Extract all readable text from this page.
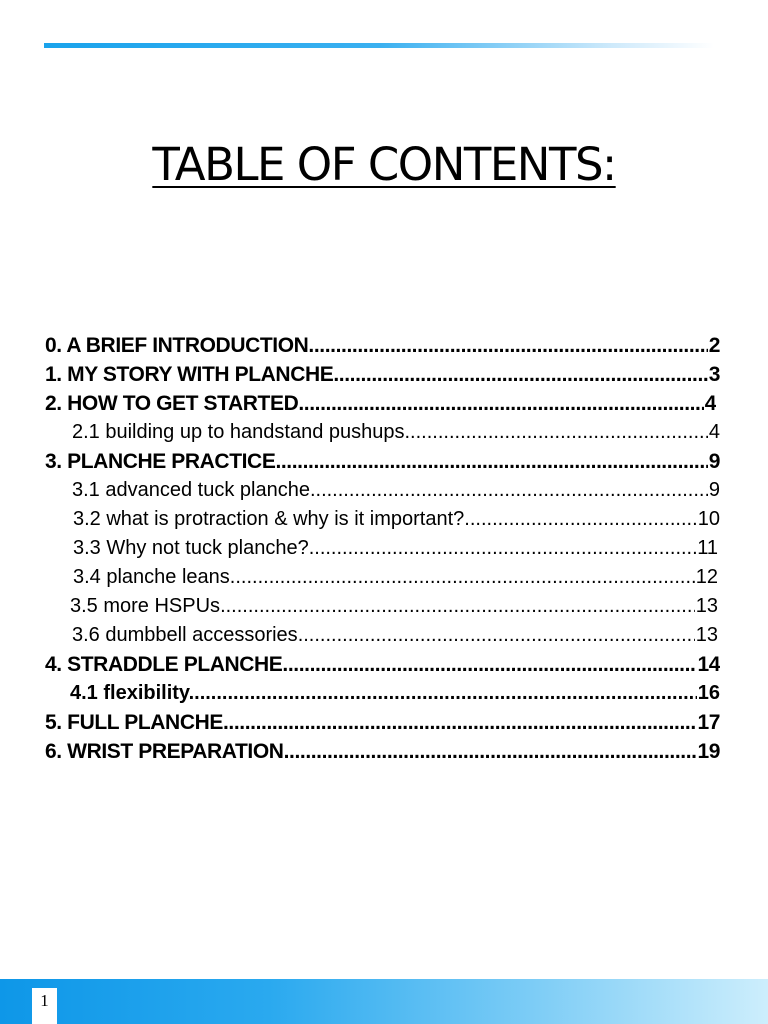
TABLE OF CONTENTS:
0. A BRIEF INTRODUCTION .....	2
1. MY STORY WITH PLANCHE .....	3
2. HOW TO GET STARTED .....	4
2.1 building up to handstand pushups .....	4
3. PLANCHE PRACTICE .....	9
3.1 advanced tuck planche .....	9
3.2 what is protraction & why is it important? .....	10
3.3 Why not tuck planche? .....	11
3.4 planche leans .....	12
3.5 more HSPUs .....	13
3.6 dumbbell accessories .....	13
4. STRADDLE PLANCHE .....	14
4.1 flexibility .....	16
5. FULL PLANCHE .....	17
6. WRIST PREPARATION .....	19
1
